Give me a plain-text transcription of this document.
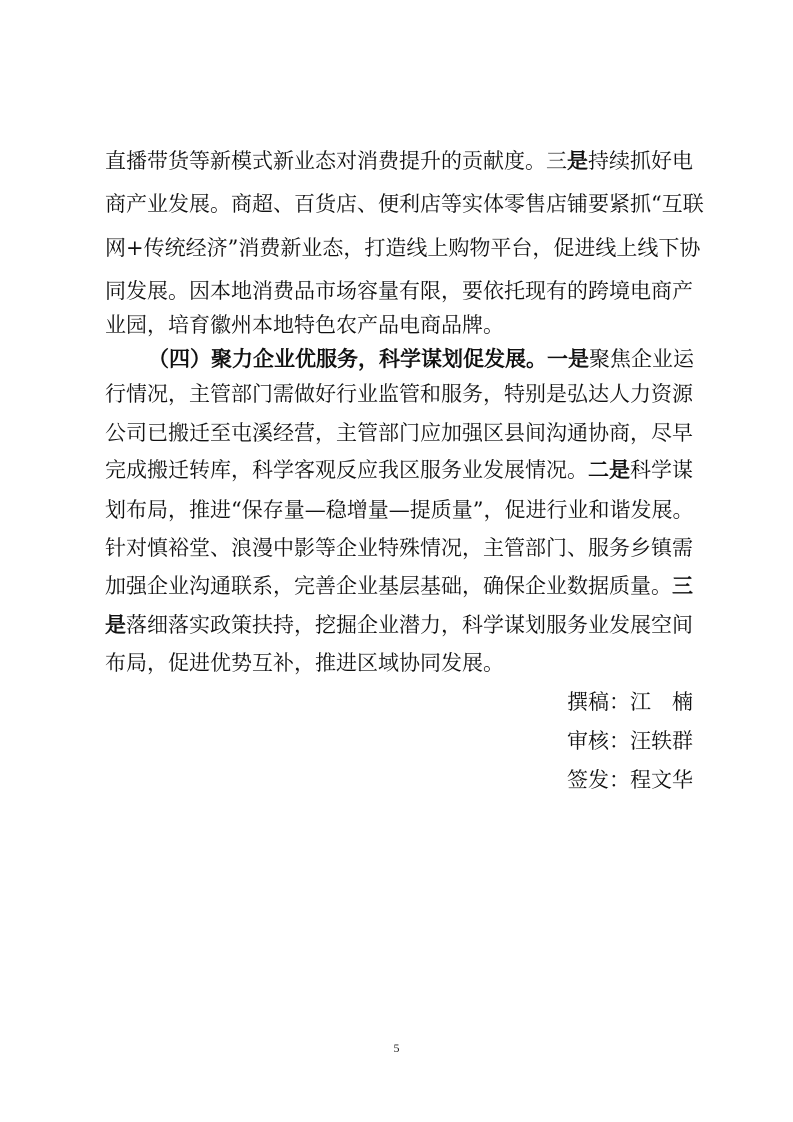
直播带货等新模式新业态对消费提升的贡献度。三是持续抓好电
商产业发展。商超、百货店、便利店等实体零售店铺要紧抓“互联
网+传统经济”消费新业态，打造线上购物平台，促进线上线下协
同发展。因本地消费品市场容量有限，要依托现有的跨境电商产
业园，培育徽州本地特色农产品电商品牌。
（四）聚力企业优服务，科学谋划促发展。一是聚焦企业运
行情况，主管部门需做好行业监管和服务，特别是弘达人力资源
公司已搬迁至屯溪经营，主管部门应加强区县间沟通协商，尽早
完成搬迁转库，科学客观反应我区服务业发展情况。二是科学谋
划布局，推进“保存量—稳增量—提质量”，促进行业和谐发展。
针对慎裕堂、浪漫中影等企业特殊情况，主管部门、服务乡镇需
加强企业沟通联系，完善企业基层基础，确保企业数据质量。三
是落细落实政策扶持，挖掘企业潜力，科学谋划服务业发展空间
布局，促进优势互补，推进区域协同发展。
撰稿：江　楠
审核：汪轶群
签发：程文华
5
